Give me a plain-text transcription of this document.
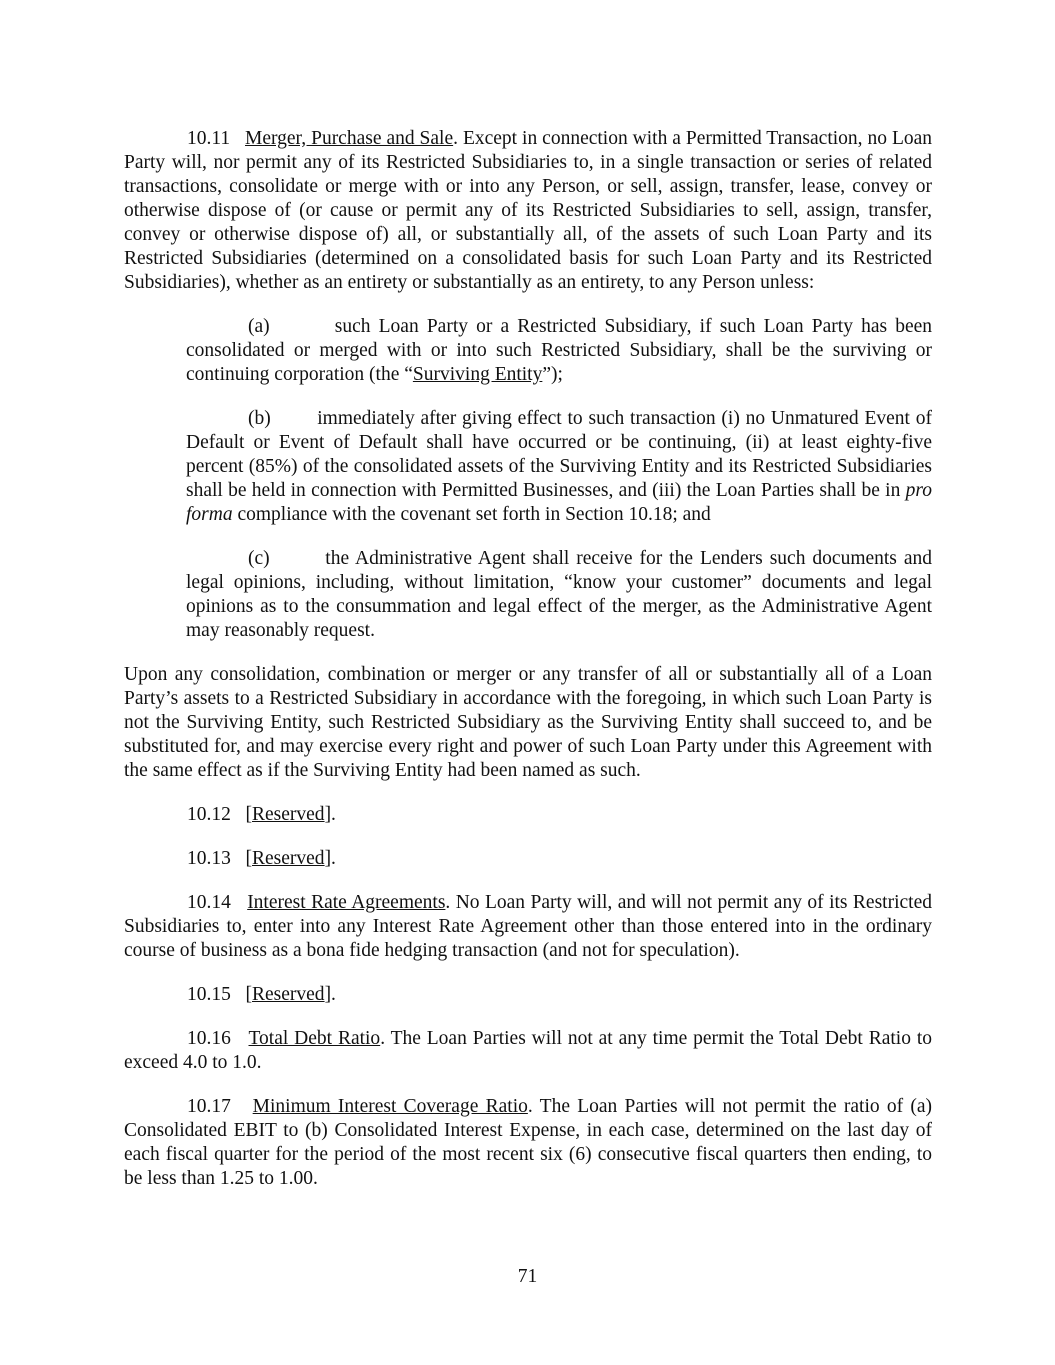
10.11 Merger, Purchase and Sale. Except in connection with a Permitted Transaction, no Loan Party will, nor permit any of its Restricted Subsidiaries to, in a single transaction or series of related transactions, consolidate or merge with or into any Person, or sell, assign, transfer, lease, convey or otherwise dispose of (or cause or permit any of its Restricted Subsidiaries to sell, assign, transfer, convey or otherwise dispose of) all, or substantially all, of the assets of such Loan Party and its Restricted Subsidiaries (determined on a consolidated basis for such Loan Party and its Restricted Subsidiaries), whether as an entirety or substantially as an entirety, to any Person unless:

(a)	such Loan Party or a Restricted Subsidiary, if such Loan Party has been consolidated or merged with or into such Restricted Subsidiary, shall be the surviving or continuing corporation (the “Surviving Entity”);

(b) immediately after giving effect to such transaction (i) no Unmatured Event of Default or Event of Default shall have occurred or be continuing, (ii) at least eighty-five percent (85%) of the consolidated assets of the Surviving Entity and its Restricted Subsidiaries shall be held in connection with Permitted Businesses, and (iii) the Loan Parties shall be in pro forma compliance with the covenant set forth in Section 10.18; and

(c)	the Administrative Agent shall receive for the Lenders such documents and legal opinions, including, without limitation, “know your customer” documents and legal opinions as to the consummation and legal effect of the merger, as the Administrative Agent may reasonably request.

Upon any consolidation, combination or merger or any transfer of all or substantially all of a Loan Party’s assets to a Restricted Subsidiary in accordance with the foregoing, in which such Loan Party is not the Surviving Entity, such Restricted Subsidiary as the Surviving Entity shall succeed to, and be substituted for, and may exercise every right and power of such Loan Party under this Agreement with the same effect as if the Surviving Entity had been named as such.

10.12 [Reserved].

10.13 [Reserved].

10.14 Interest Rate Agreements. No Loan Party will, and will not permit any of its Restricted Subsidiaries to, enter into any Interest Rate Agreement other than those entered into in the ordinary course of business as a bona fide hedging transaction (and not for speculation).

10.15 [Reserved].

10.16 Total Debt Ratio. The Loan Parties will not at any time permit the Total Debt Ratio to exceed 4.0 to 1.0.

10.17 Minimum Interest Coverage Ratio. The Loan Parties will not permit the ratio of (a) Consolidated EBIT to (b) Consolidated Interest Expense, in each case, determined on the last day of each fiscal quarter for the period of the most recent six (6) consecutive fiscal quarters then ending, to be less than 1.25 to 1.00.

71
